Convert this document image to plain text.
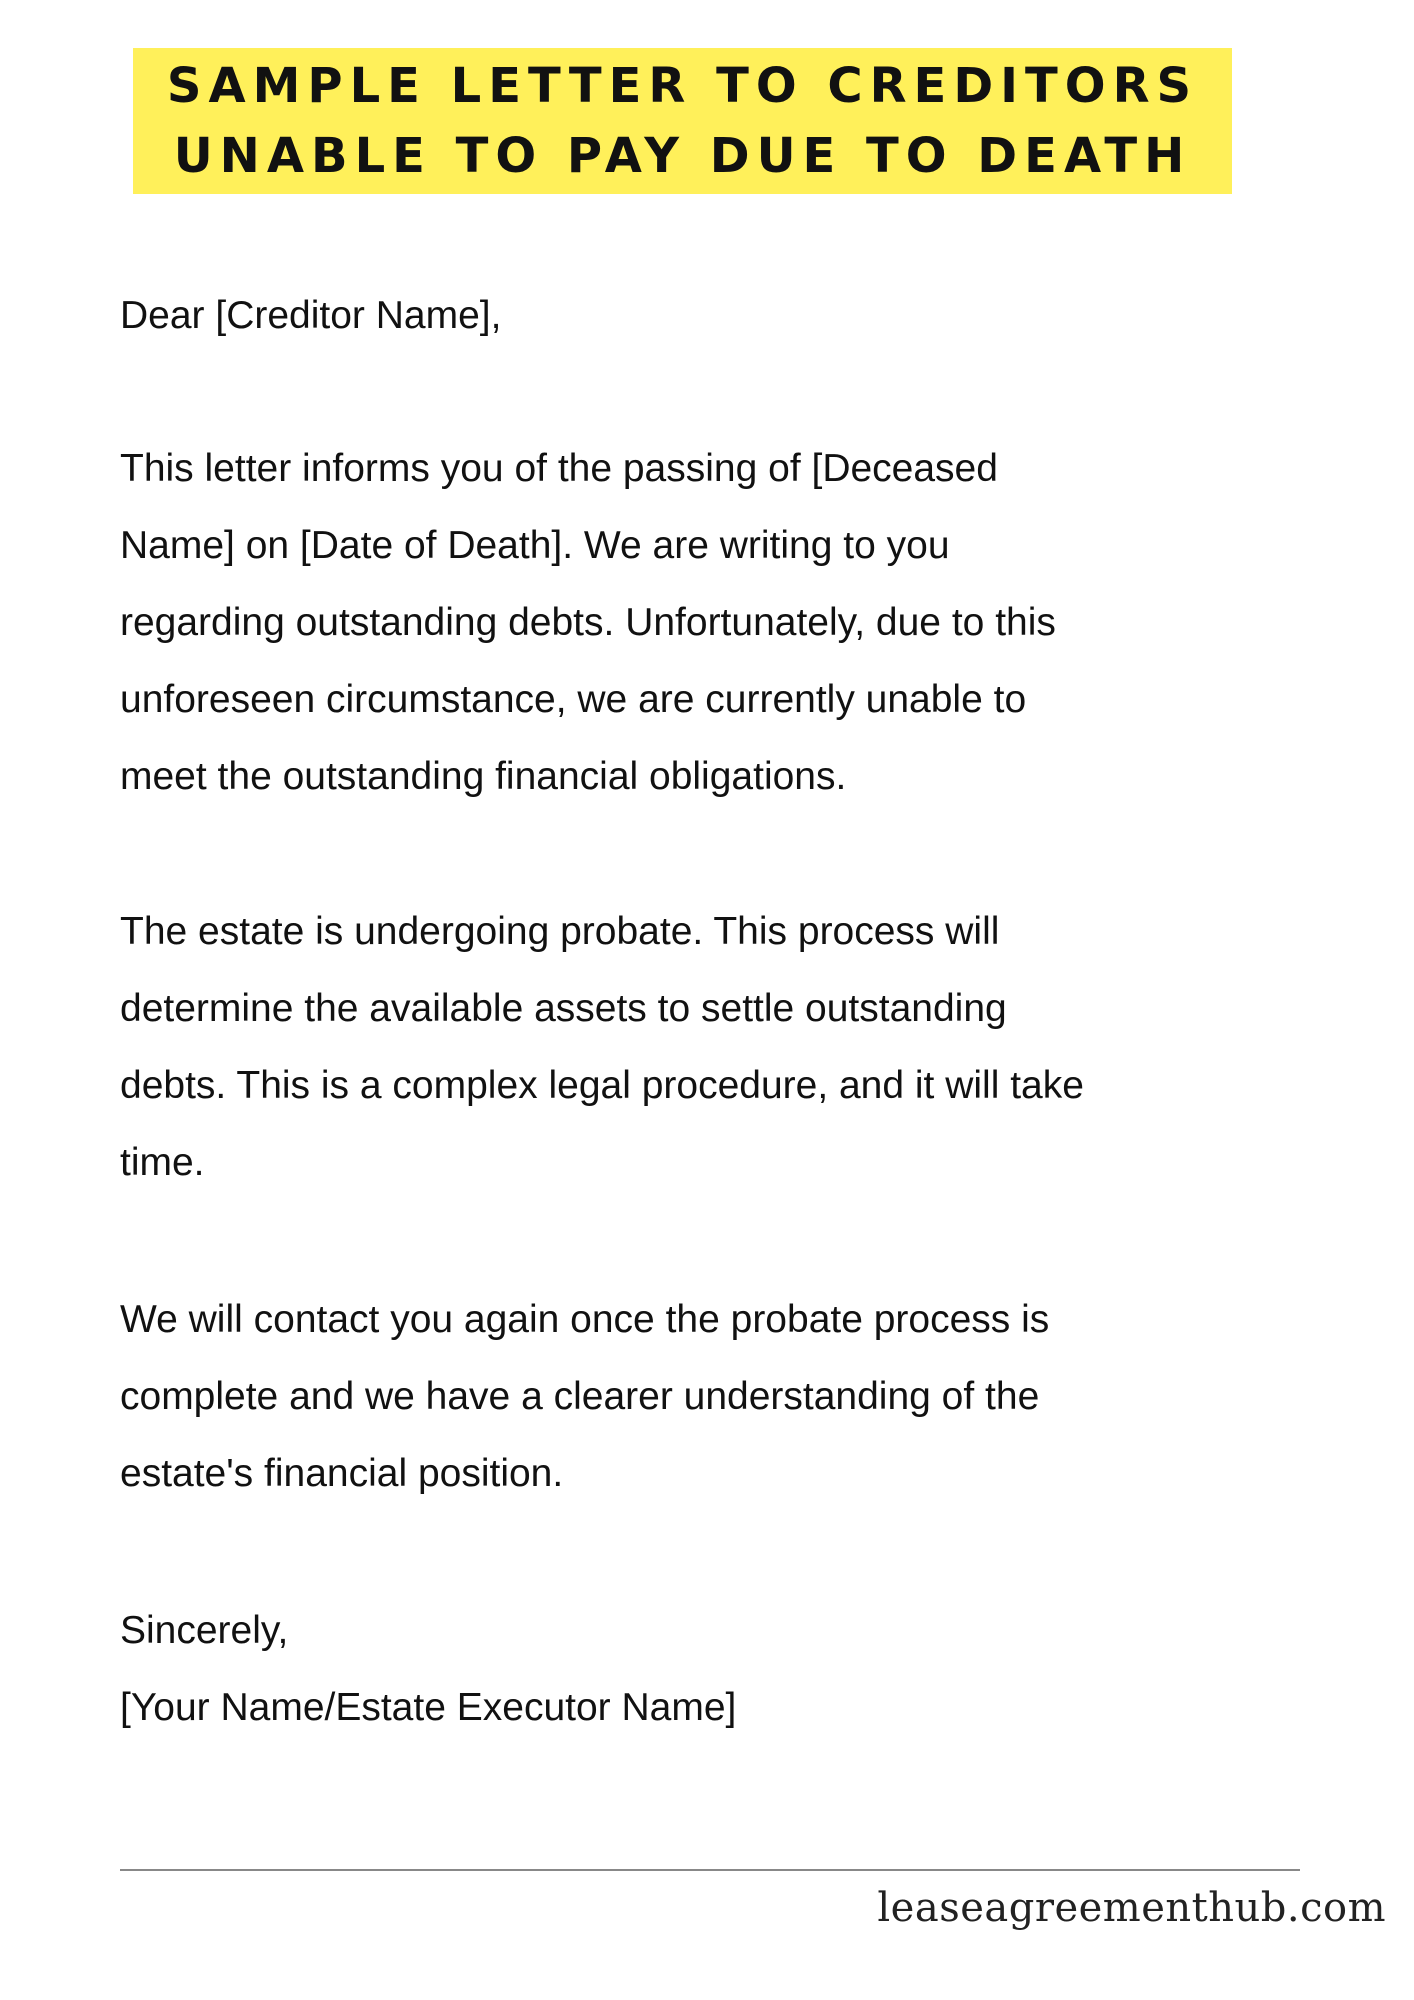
SAMPLE LETTER TO CREDITORS
UNABLE TO PAY DUE TO DEATH

Dear [Creditor Name],

This letter informs you of the passing of [Deceased
Name] on [Date of Death]. We are writing to you
regarding outstanding debts. Unfortunately, due to this
unforeseen circumstance, we are currently unable to
meet the outstanding financial obligations.

The estate is undergoing probate. This process will
determine the available assets to settle outstanding
debts. This is a complex legal procedure, and it will take
time.

We will contact you again once the probate process is
complete and we have a clearer understanding of the
estate's financial position.

Sincerely,
[Your Name/Estate Executor Name]

leaseagreementhub.com
